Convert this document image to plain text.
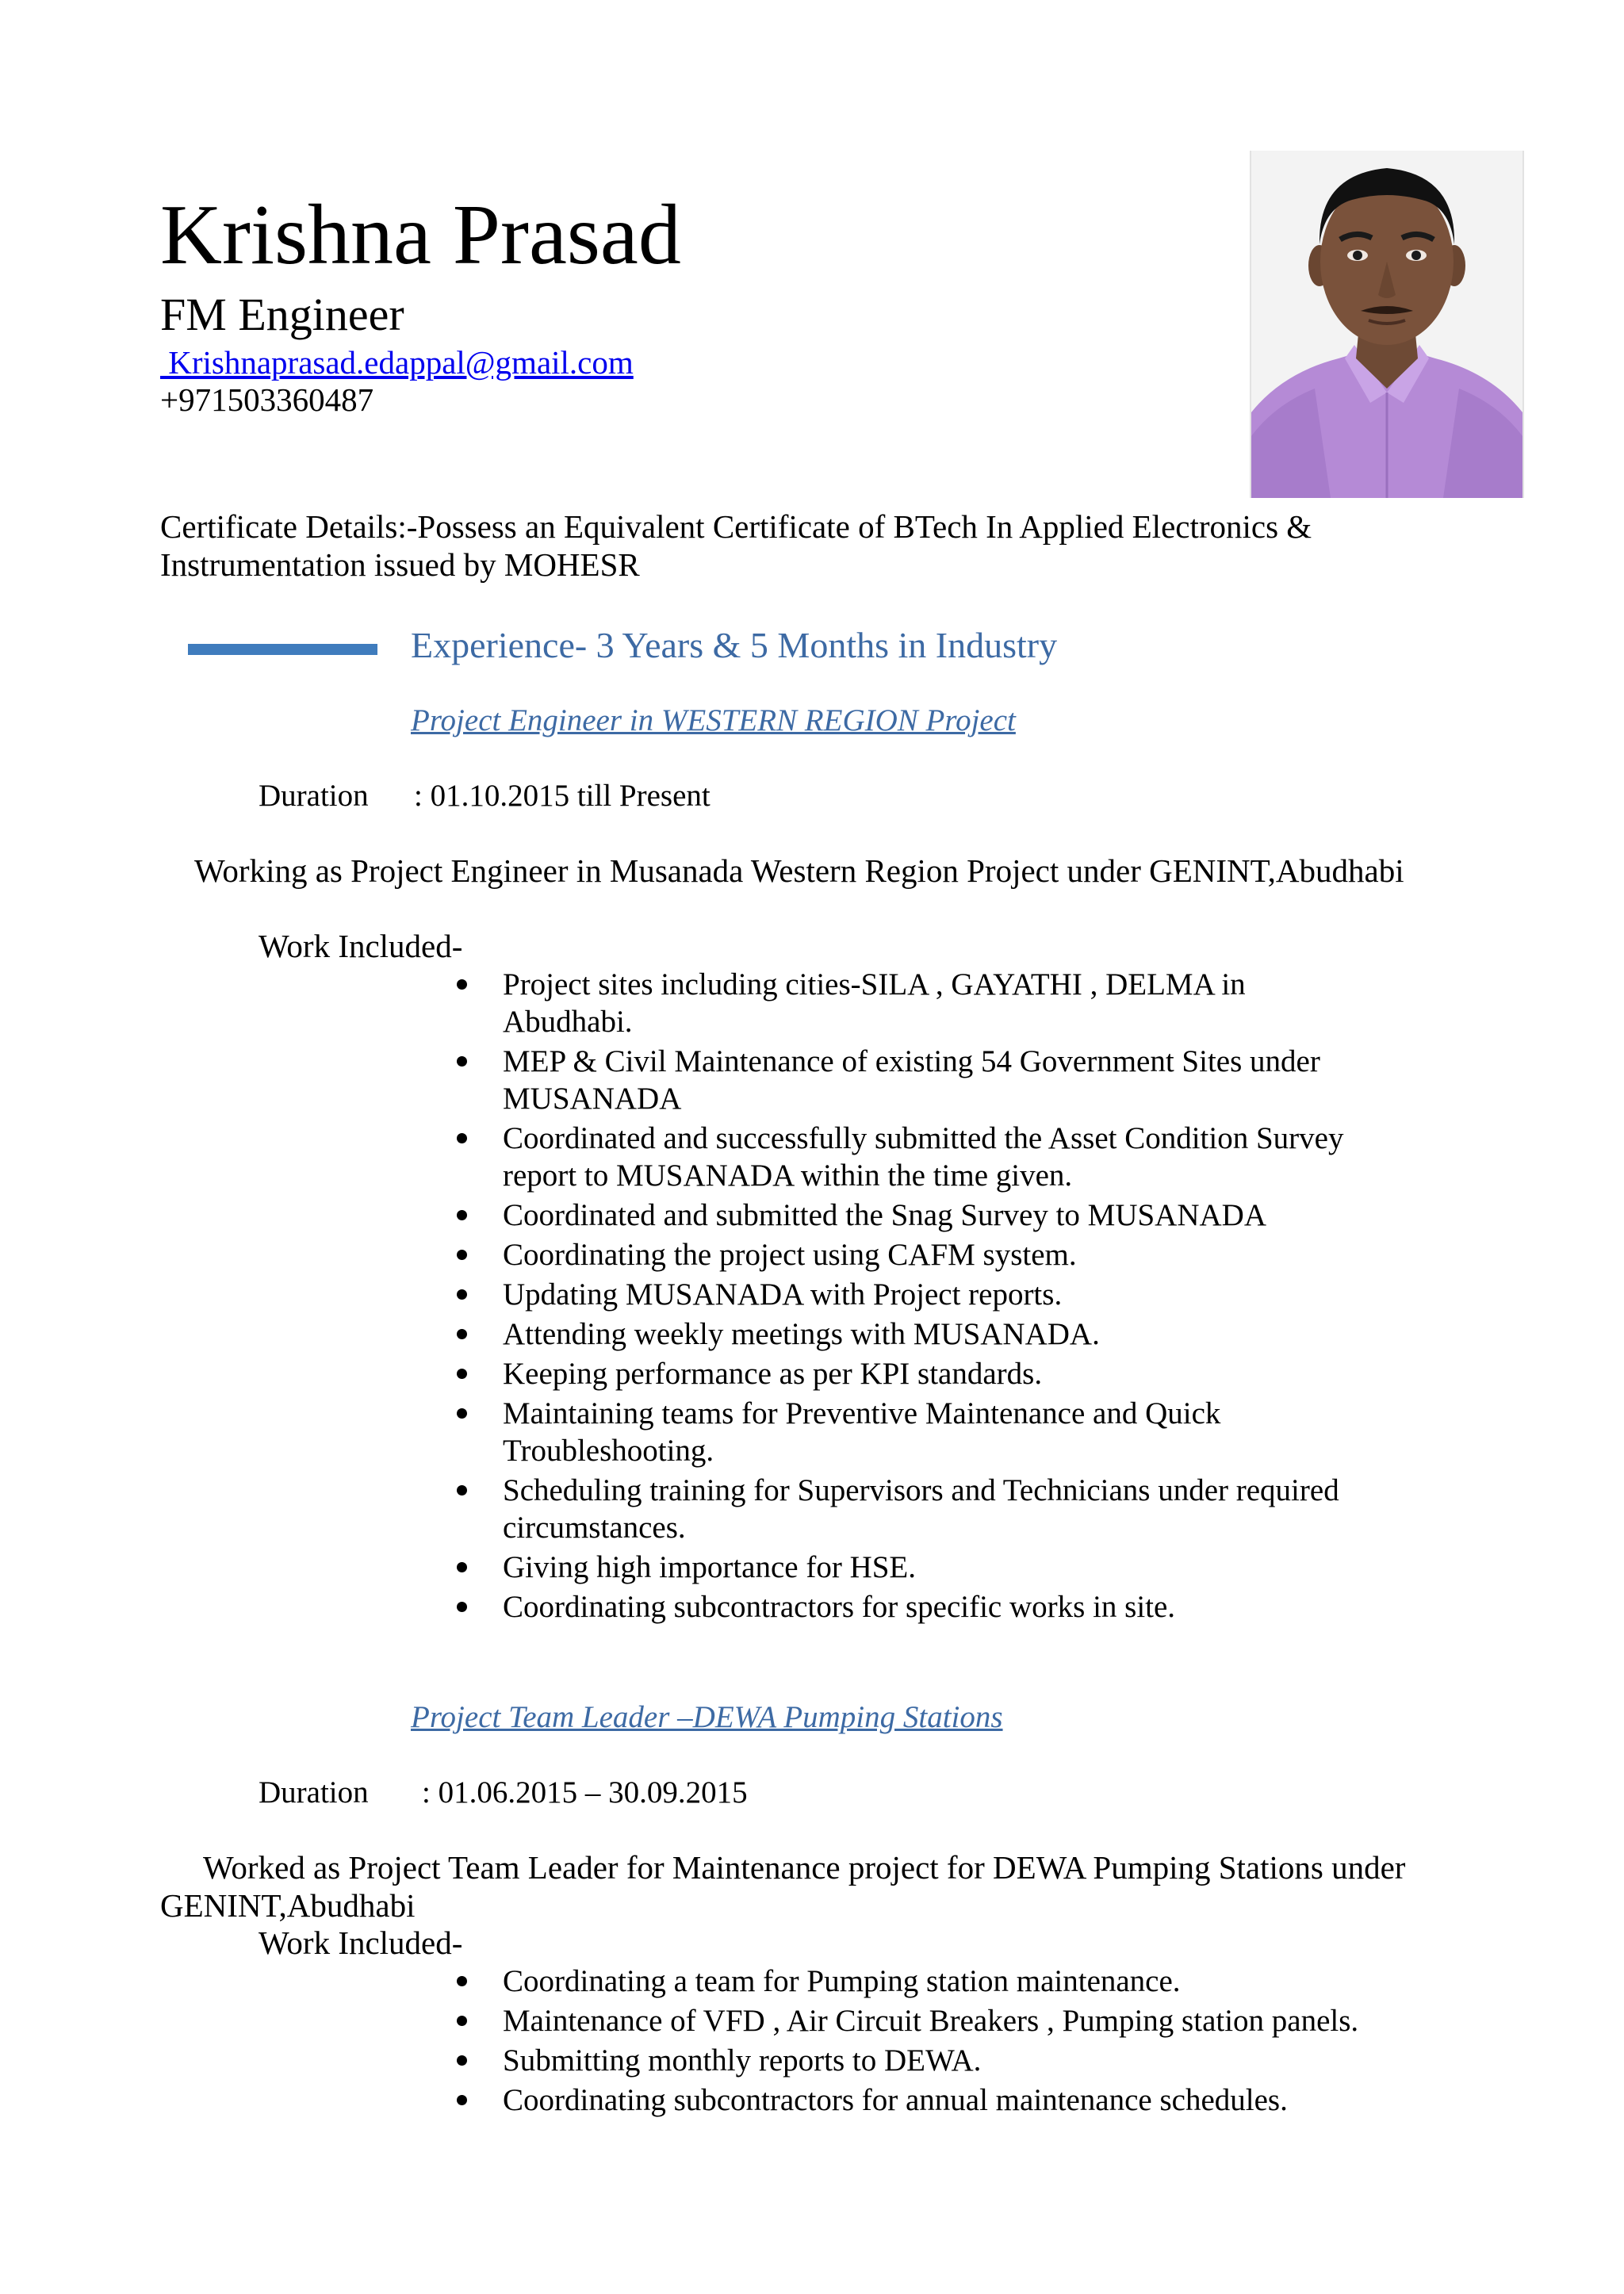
Krishna Prasad
FM Engineer
Krishnaprasad.edappal@gmail.com
+971503360487
Certificate Details:-Possess an Equivalent Certificate of BTech In Applied Electronics &
Instrumentation issued by MOHESR
Experience- 3 Years & 5 Months in Industry
Project Engineer in WESTERN REGION Project
Duration : 01.10.2015 till Present
Working as Project Engineer in Musanada Western Region Project under GENINT,Abudhabi
Work Included-
Project sites including cities-SILA , GAYATHI , DELMA in
Abudhabi.
MEP & Civil Maintenance of existing 54 Government Sites under
MUSANADA
Coordinated and successfully submitted the Asset Condition Survey
report to MUSANADA within the time given.
Coordinated and submitted the Snag Survey to MUSANADA
Coordinating the project using CAFM system.
Updating MUSANADA with Project reports.
Attending weekly meetings with MUSANADA.
Keeping performance as per KPI standards.
Maintaining teams for Preventive Maintenance and Quick
Troubleshooting.
Scheduling training for Supervisors and Technicians under required
circumstances.
Giving high importance for HSE.
Coordinating subcontractors for specific works in site.
Project Team Leader –DEWA Pumping Stations
Duration : 01.06.2015 – 30.09.2015
Worked as Project Team Leader for Maintenance project for DEWA Pumping Stations under
GENINT,Abudhabi
Work Included-
Coordinating a team for Pumping station maintenance.
Maintenance of VFD , Air Circuit Breakers , Pumping station panels.
Submitting monthly reports to DEWA.
Coordinating subcontractors for annual maintenance schedules.
